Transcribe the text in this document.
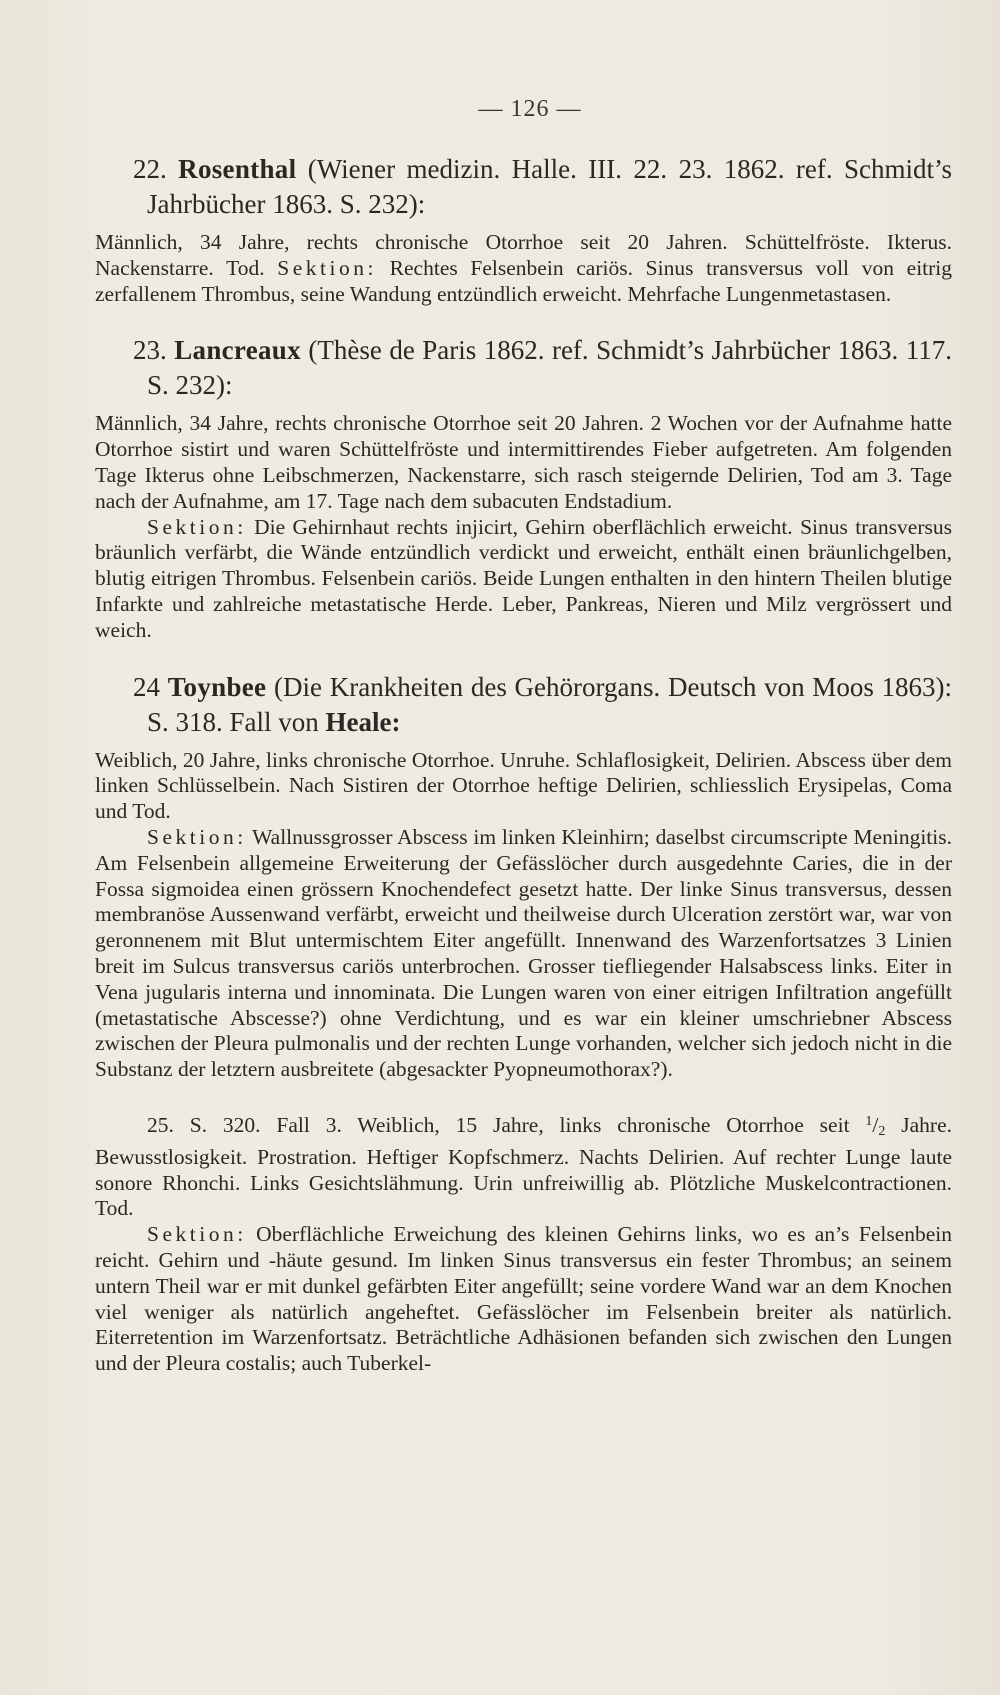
— 126 —
22. Rosenthal (Wiener medizin. Halle. III. 22. 23. 1862. ref. Schmidt’s Jahrbücher 1863. S. 232):

Männlich, 34 Jahre, rechts chronische Otorrhoe seit 20 Jahren. Schüttelfröste. Ikterus. Nackenstarre. Tod. Sektion: Rechtes Felsenbein cariös. Sinus transversus voll von eitrig zerfallenem Thrombus, seine Wandung entzündlich erweicht. Mehrfache Lungenmetastasen.

23. Lancreaux (Thèse de Paris 1862. ref. Schmidt’s Jahrbücher 1863. 117. S. 232):

Männlich, 34 Jahre, rechts chronische Otorrhoe seit 20 Jahren. 2 Wochen vor der Aufnahme hatte Otorrhoe sistirt und waren Schüttelfröste und intermittirendes Fieber aufgetreten. Am folgenden Tage Ikterus ohne Leibschmerzen, Nackenstarre, sich rasch steigernde Delirien, Tod am 3. Tage nach der Aufnahme, am 17. Tage nach dem subacuten Endstadium.

Sektion: Die Gehirnhaut rechts injicirt, Gehirn oberflächlich erweicht. Sinus transversus bräunlich verfärbt, die Wände entzündlich verdickt und erweicht, enthält einen bräunlichgelben, blutig eitrigen Thrombus. Felsenbein cariös. Beide Lungen enthalten in den hintern Theilen blutige Infarkte und zahlreiche metastatische Herde. Leber, Pankreas, Nieren und Milz vergrössert und weich.

24 Toynbee (Die Krankheiten des Gehörorgans. Deutsch von Moos 1863): S. 318. Fall von Heale:

Weiblich, 20 Jahre, links chronische Otorrhoe. Unruhe. Schlaflosigkeit, Delirien. Abscess über dem linken Schlüsselbein. Nach Sistiren der Otorrhoe heftige Delirien, schliesslich Erysipelas, Coma und Tod.

Sektion: Wallnussgrosser Abscess im linken Kleinhirn; daselbst circumscripte Meningitis. Am Felsenbein allgemeine Erweiterung der Gefässlöcher durch ausgedehnte Caries, die in der Fossa sigmoidea einen grössern Knochendefect gesetzt hatte. Der linke Sinus transversus, dessen membranöse Aussenwand verfärbt, erweicht und theilweise durch Ulceration zerstört war, war von geronnenem mit Blut untermischtem Eiter angefüllt. Innenwand des Warzenfortsatzes 3 Linien breit im Sulcus transversus cariös unterbrochen. Grosser tiefliegender Halsabscess links. Eiter in Vena jugularis interna und innominata. Die Lungen waren von einer eitrigen Infiltration angefüllt (metastatische Abscesse?) ohne Verdichtung, und es war ein kleiner umschriebner Abscess zwischen der Pleura pulmonalis und der rechten Lunge vorhanden, welcher sich jedoch nicht in die Substanz der letztern ausbreitete (abgesackter Pyopneumothorax?).

25. S. 320. Fall 3. Weiblich, 15 Jahre, links chronische Otorrhoe seit $^1$/2 Jahre. Bewusstlosigkeit. Prostration. Heftiger Kopfschmerz. Nachts Delirien. Auf rechter Lunge laute sonore Rhonchi. Links Gesichtslähmung. Urin unfreiwillig ab. Plötzliche Muskelcontractionen. Tod.

Sektion: Oberflächliche Erweichung des kleinen Gehirns links, wo es an’s Felsenbein reicht. Gehirn und -häute gesund. Im linken Sinus transversus ein fester Thrombus; an seinem untern Theil war er mit dunkel gefärbten Eiter angefüllt; seine vordere Wand war an dem Knochen viel weniger als natürlich angeheftet. Gefässlöcher im Felsenbein breiter als natürlich. Eiterretention im Warzenfortsatz. Beträchtliche Adhäsionen befanden sich zwischen den Lungen und der Pleura costalis; auch Tuberkel-
